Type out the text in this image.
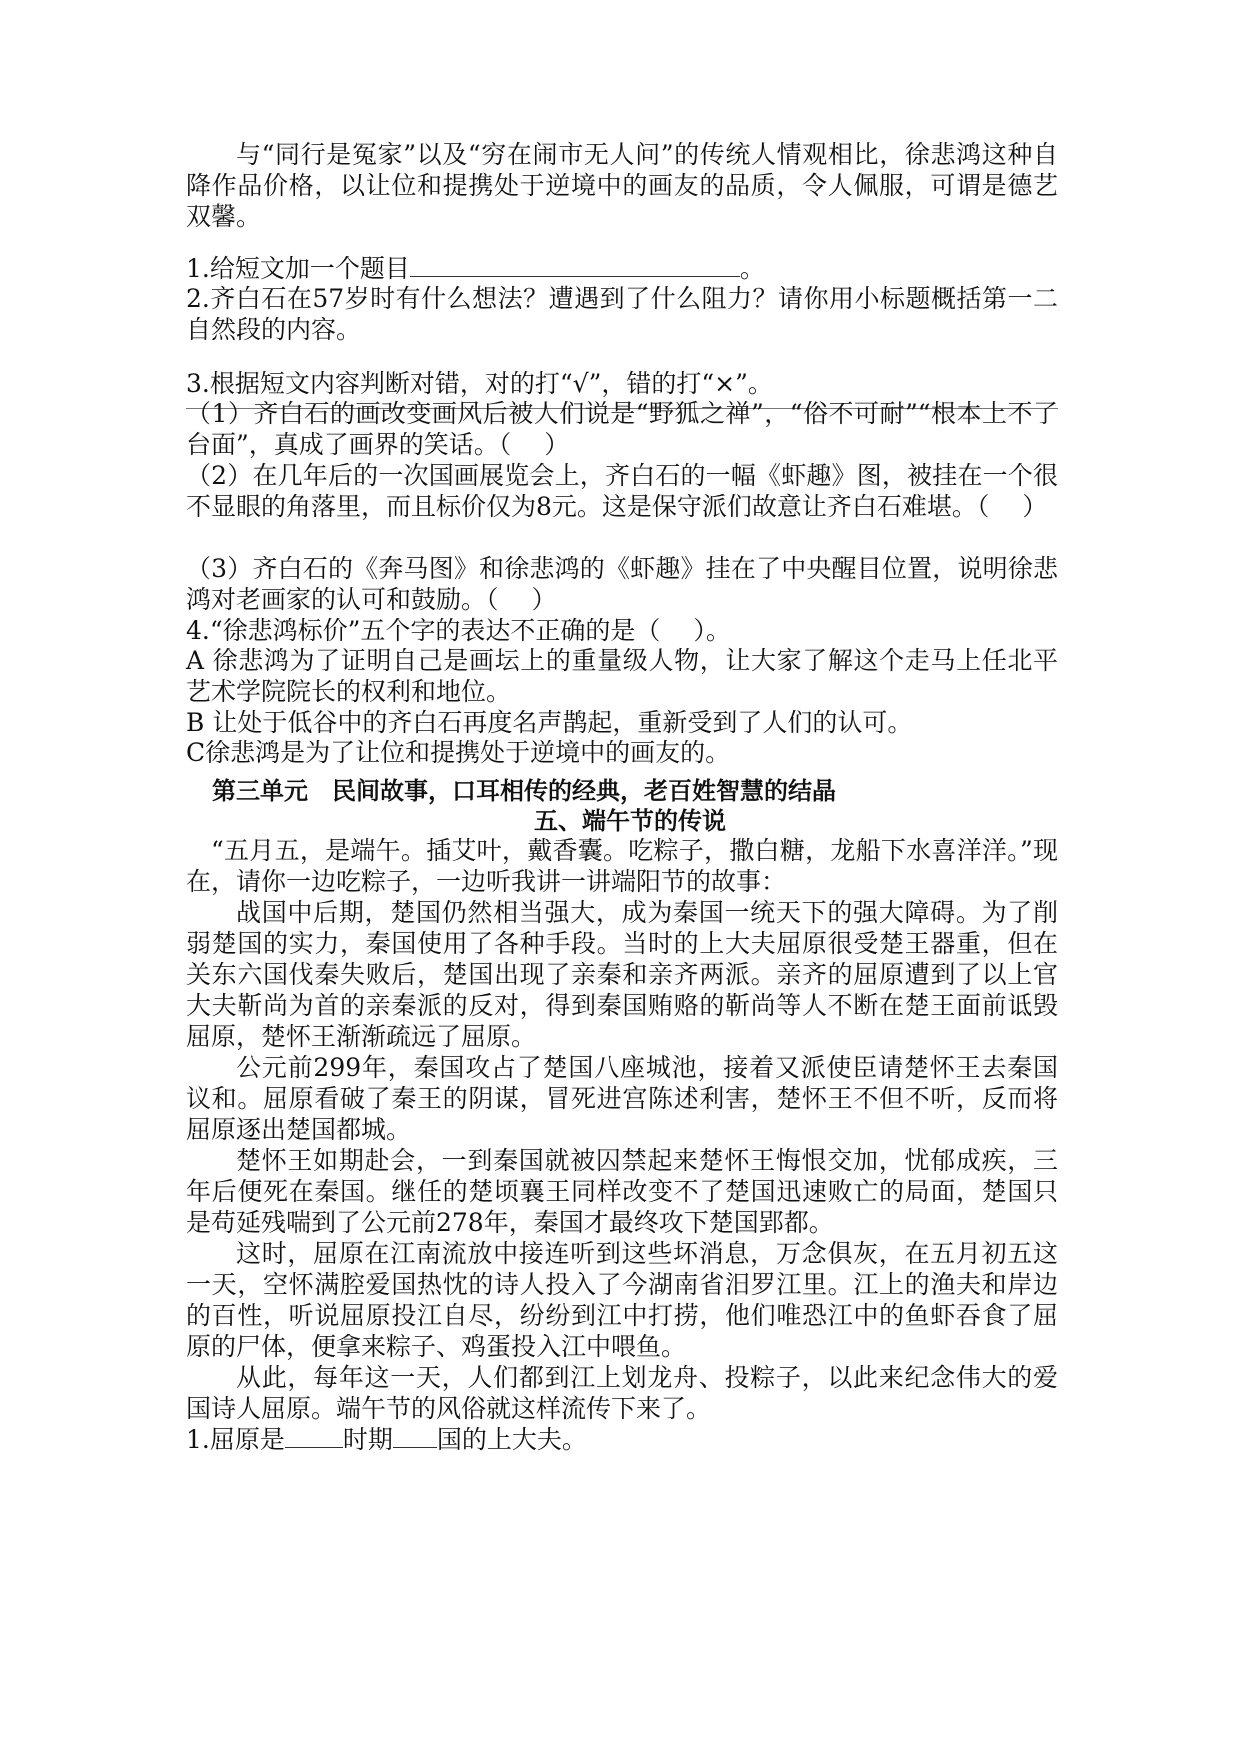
与“同行是冤家”以及“穷在闹市无人问”的传统人情观相比，徐悲鸿这种自降作品价格，以让位和提携处于逆境中的画友的品质，令人佩服，可谓是德艺双馨。
1.给短文加一个题目	。
2.齐白石在57岁时有什么想法？遭遇到了什么阻力？请你用小标题概括第一二自然段的内容。
3.根据短文内容判断对错，对的打“√”，错的打“×”。
（1）齐白石的画改变画风后被人们说是“野狐之禅”，“俗不可耐”“根本上不了台面”，真成了画界的笑话。（　 ）
（2）在几年后的一次国画展览会上，齐白石的一幅《虾趣》图，被挂在一个很不显眼的角落里，而且标价仅为8元。这是保守派们故意让齐白石难堪。（　 ）
（3）齐白石的《奔马图》和徐悲鸿的《虾趣》挂在了中央醒目位置，说明徐悲鸿对老画家的认可和鼓励。（　 ）
4.“徐悲鸿标价”五个字的表达不正确的是（　 ）。
A 徐悲鸿为了证明自己是画坛上的重量级人物，让大家了解这个走马上任北平艺术学院院长的权利和地位。
B 让处于低谷中的齐白石再度名声鹊起，重新受到了人们的认可。
C徐悲鸿是为了让位和提携处于逆境中的画友的。
第三单元　民间故事，口耳相传的经典，老百姓智慧的结晶
五、端午节的传说
“五月五，是端午。插艾叶，戴香囊。吃粽子，撒白糖，龙船下水喜洋洋。”现在，请你一边吃粽子，一边听我讲一讲端阳节的故事：
战国中后期，楚国仍然相当强大，成为秦国一统天下的强大障碍。为了削弱楚国的实力，秦国使用了各种手段。当时的上大夫屈原很受楚王器重，但在关东六国伐秦失败后，楚国出现了亲秦和亲齐两派。亲齐的屈原遭到了以上官大夫靳尚为首的亲秦派的反对，得到秦国贿赂的靳尚等人不断在楚王面前诋毁屈原，楚怀王渐渐疏远了屈原。
公元前299年，秦国攻占了楚国八座城池，接着又派使臣请楚怀王去秦国议和。屈原看破了秦王的阴谋，冒死进宫陈述利害，楚怀王不但不听，反而将屈原逐出楚国都城。
楚怀王如期赴会，一到秦国就被囚禁起来楚怀王悔恨交加，忧郁成疾，三年后便死在秦国。继任的楚顷襄王同样改变不了楚国迅速败亡的局面，楚国只是苟延残喘到了公元前278年，秦国才最终攻下楚国郢都。
这时，屈原在江南流放中接连听到这些坏消息，万念俱灰，在五月初五这一天，空怀满腔爱国热忱的诗人投入了今湖南省汨罗江里。江上的渔夫和岸边的百性，听说屈原投江自尽，纷纷到江中打捞，他们唯恐江中的鱼虾吞食了屈原的尸体，便拿来粽子、鸡蛋投入江中喂鱼。
从此，每年这一天，人们都到江上划龙舟、投粽子，以此来纪念伟大的爱国诗人屈原。端午节的风俗就这样流传下来了。
1.屈原是 时期 国的上大夫。
